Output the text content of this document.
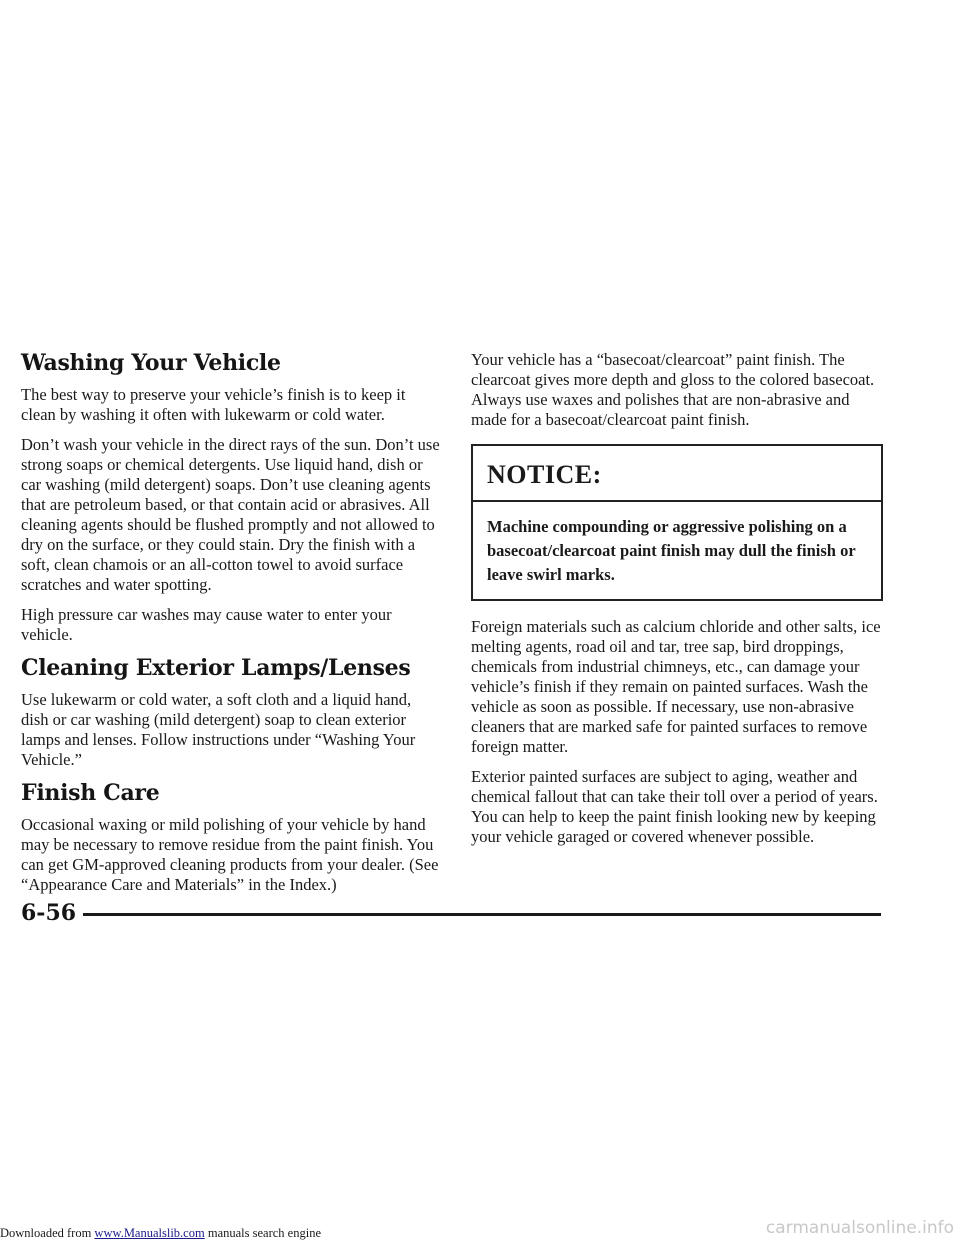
Washing Your Vehicle

The best way to preserve your vehicle’s finish is to keep it clean by washing it often with lukewarm or cold water.

Don’t wash your vehicle in the direct rays of the sun. Don’t use strong soaps or chemical detergents. Use liquid hand, dish or car washing (mild detergent) soaps. Don’t use cleaning agents that are petroleum based, or that contain acid or abrasives. All cleaning agents should be flushed promptly and not allowed to dry on the surface, or they could stain. Dry the finish with a soft, clean chamois or an all-cotton towel to avoid surface scratches and water spotting.

High pressure car washes may cause water to enter your vehicle.

Cleaning Exterior Lamps/Lenses

Use lukewarm or cold water, a soft cloth and a liquid hand, dish or car washing (mild detergent) soap to clean exterior lamps and lenses. Follow instructions under “Washing Your Vehicle.”

Finish Care

Occasional waxing or mild polishing of your vehicle by hand may be necessary to remove residue from the paint finish. You can get GM-approved cleaning products from your dealer. (See “Appearance Care and Materials” in the Index.)

Your vehicle has a “basecoat/clearcoat” paint finish. The clearcoat gives more depth and gloss to the colored basecoat. Always use waxes and polishes that are non-abrasive and made for a basecoat/clearcoat paint finish.

NOTICE:
Machine compounding or aggressive polishing on a basecoat/clearcoat paint finish may dull the finish or leave swirl marks.

Foreign materials such as calcium chloride and other salts, ice melting agents, road oil and tar, tree sap, bird droppings, chemicals from industrial chimneys, etc., can damage your vehicle’s finish if they remain on painted surfaces. Wash the vehicle as soon as possible. If necessary, use non-abrasive cleaners that are marked safe for painted surfaces to remove foreign matter.

Exterior painted surfaces are subject to aging, weather and chemical fallout that can take their toll over a period of years. You can help to keep the paint finish looking new by keeping your vehicle garaged or covered whenever possible.

6-56
Downloaded from www.Manualslib.com manuals search engine	carmanualsonline.info
